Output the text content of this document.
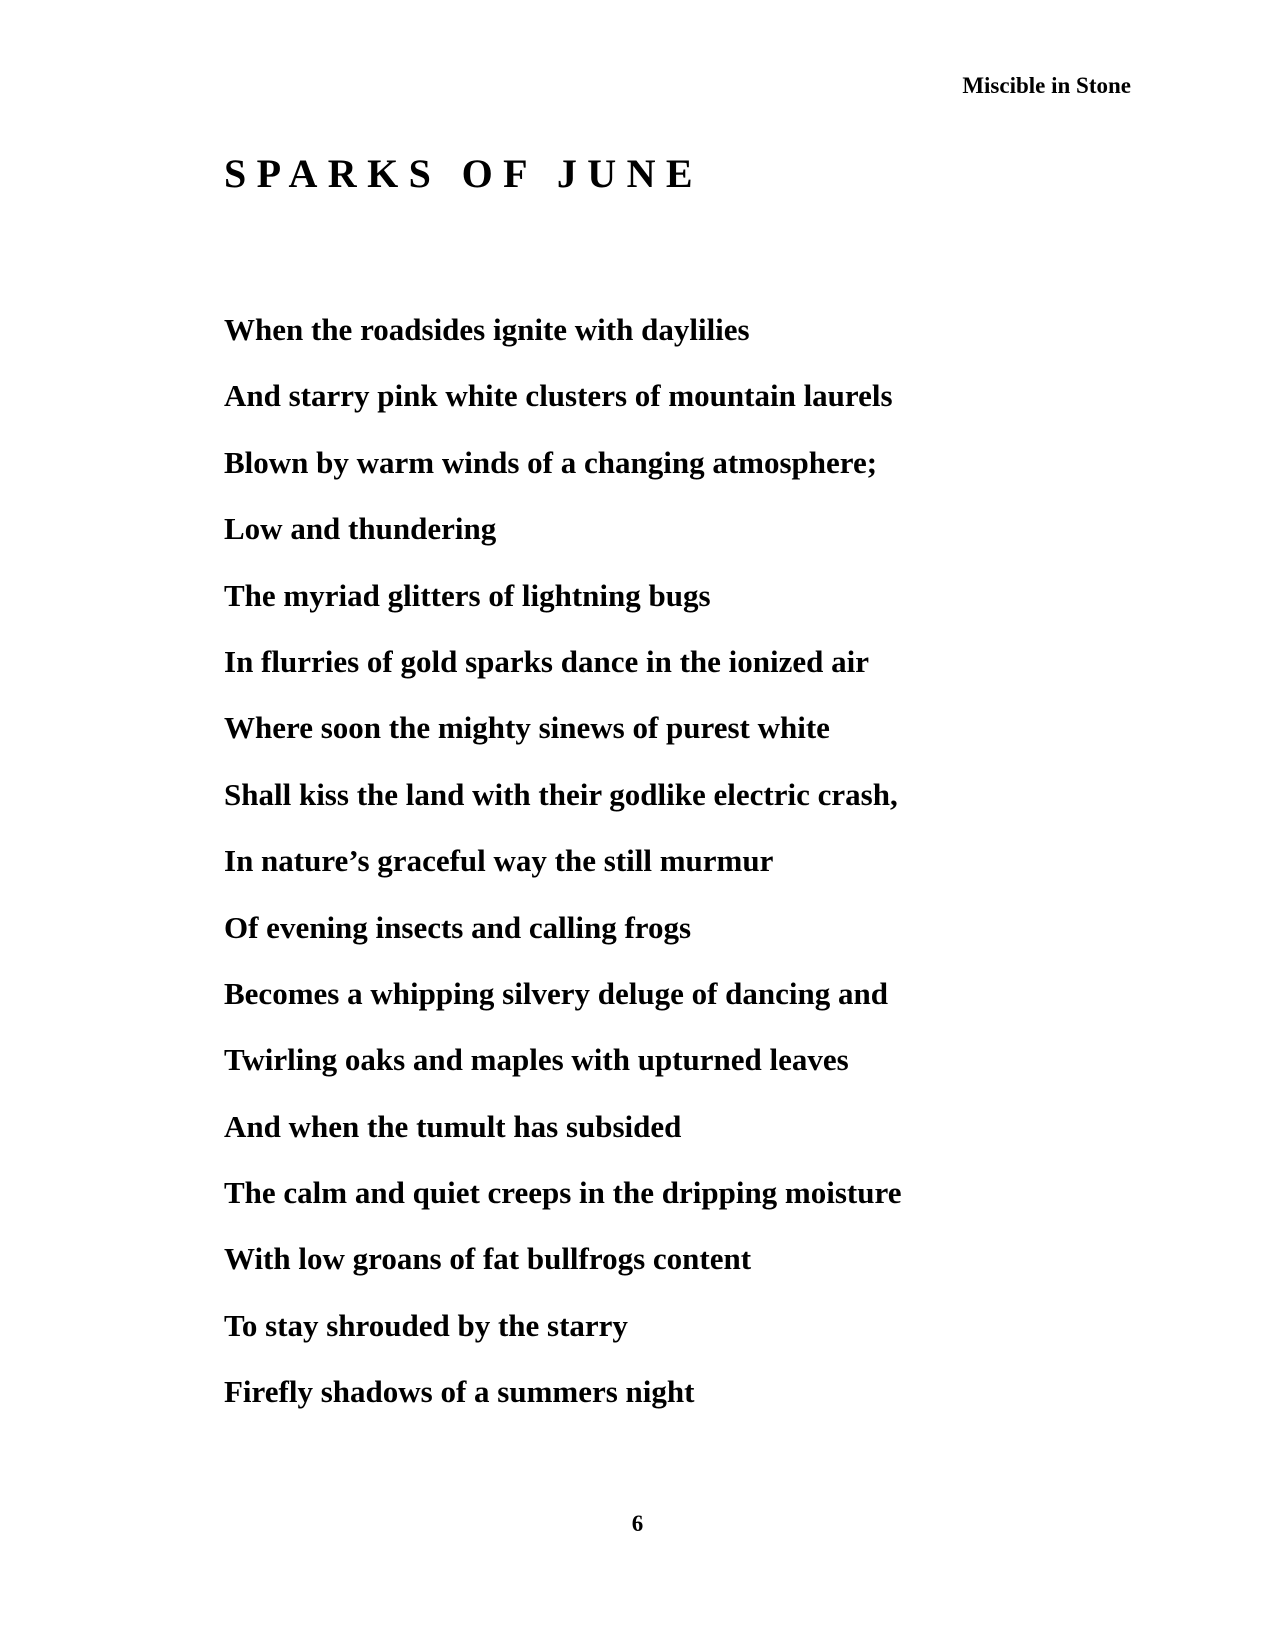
Miscible in Stone
SPARKS OF JUNE
When the roadsides ignite with daylilies
And starry pink white clusters of mountain laurels
Blown by warm winds of a changing atmosphere;
Low and thundering
The myriad glitters of lightning bugs
In flurries of gold sparks dance in the ionized air
Where soon the mighty sinews of purest white
Shall kiss the land with their godlike electric crash,
In nature’s graceful way the still murmur
Of evening insects and calling frogs
Becomes a whipping silvery deluge of dancing and
Twirling oaks and maples with upturned leaves
And when the tumult has subsided
The calm and quiet creeps in the dripping moisture
With low groans of fat bullfrogs content
To stay shrouded by the starry
Firefly shadows of a summers night
6
